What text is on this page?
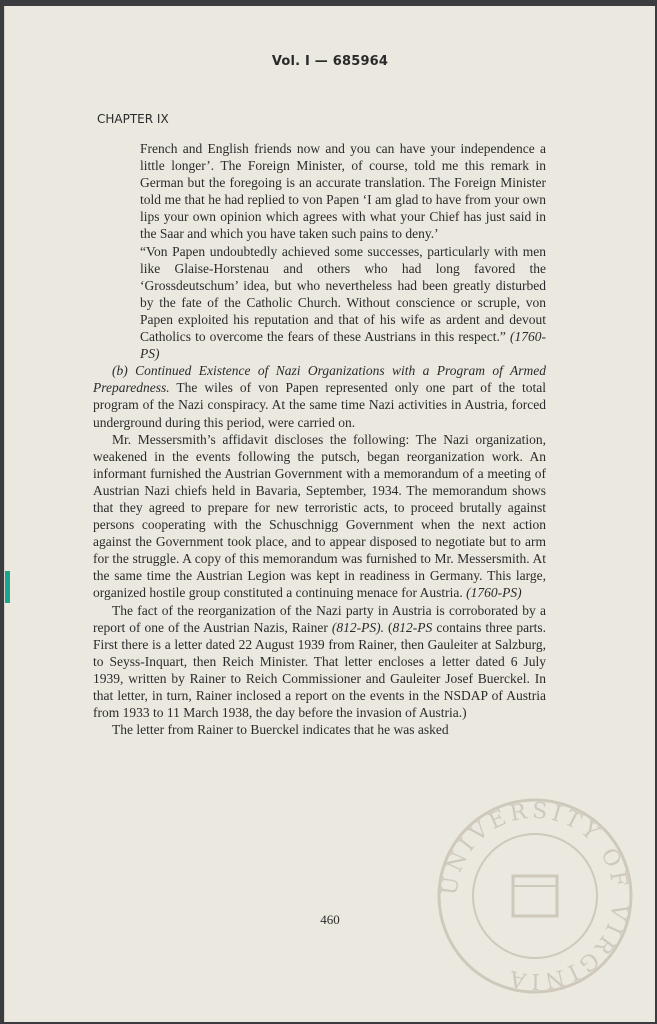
Vol. I — 685964
CHAPTER IX

French and English friends now and you can have your independence a little longer’. The Foreign Minister, of course, told me this remark in German but the foregoing is an accurate translation. The Foreign Minister told me that he had replied to von Papen ‘I am glad to have from your own lips your own opinion which agrees with what your Chief has just said in the Saar and which you have taken such pains to deny.’

“Von Papen undoubtedly achieved some successes, particularly with men like Glaise-Horstenau and others who had long favored the ‘Grossdeutschum’ idea, but who nevertheless had been greatly disturbed by the fate of the Catholic Church. Without conscience or scruple, von Papen exploited his reputation and that of his wife as ardent and devout Catholics to overcome the fears of these Austrians in this respect.” (1760-PS)

(b) Continued Existence of Nazi Organizations with a Program of Armed Preparedness. The wiles of von Papen represented only one part of the total program of the Nazi conspiracy. At the same time Nazi activities in Austria, forced underground during this period, were carried on.

Mr. Messersmith’s affidavit discloses the following: The Nazi organization, weakened in the events following the putsch, began reorganization work. An informant furnished the Austrian Government with a memorandum of a meeting of Austrian Nazi chiefs held in Bavaria, September, 1934. The memorandum shows that they agreed to prepare for new terroristic acts, to proceed brutally against persons cooperating with the Schuschnigg Government when the next action against the Government took place, and to appear disposed to negotiate but to arm for the struggle. A copy of this memorandum was furnished to Mr. Messersmith. At the same time the Austrian Legion was kept in readiness in Germany. This large, organized hostile group constituted a continuing menace for Austria. (1760-PS)

The fact of the reorganization of the Nazi party in Austria is corroborated by a report of one of the Austrian Nazis, Rainer (812-PS). (812-PS contains three parts. First there is a letter dated 22 August 1939 from Rainer, then Gauleiter at Salzburg, to Seyss-Inquart, then Reich Minister. That letter encloses a letter dated 6 July 1939, written by Rainer to Reich Commissioner and Gauleiter Josef Buerckel. In that letter, in turn, Rainer inclosed a report on the events in the NSDAP of Austria from 1933 to 11 March 1938, the day before the invasion of Austria.)

The letter from Rainer to Buerckel indicates that he was asked

460
UNIVERSITY OF VIRGINIA
